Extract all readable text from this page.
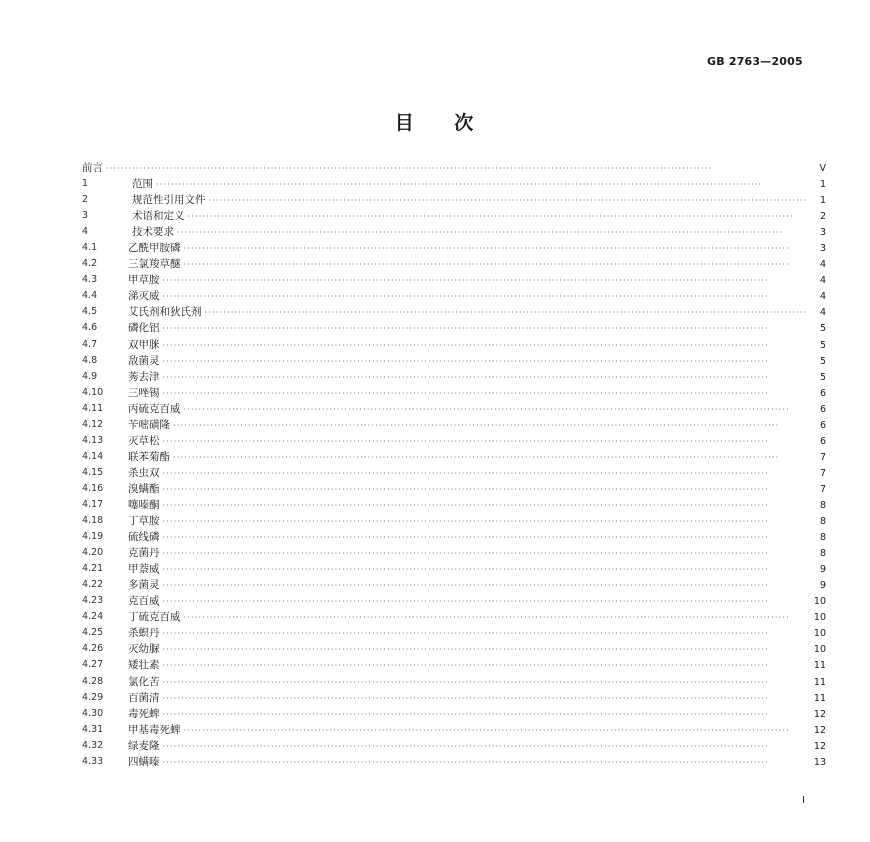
GB 2763—2005
目 次
前言 ·····	Ⅴ
1	范围 ·····	1
2	规范性引用文件 ·····	1
3	术语和定义 ·····	2
4	技术要求 ·····	3
4.1	乙酰甲胺磷 ·····	3
4.2	三氯羧草醚 ·····	4
4.3	甲草胺 ·····	4
4.4	涕灭威 ·····	4
4.5	艾氏剂和狄氏剂 ·····	4
4.6	磷化铝 ·····	5
4.7	双甲脒 ·····	5
4.8	敌菌灵 ·····	5
4.9	莠去津 ·····	5
4.10	三唑锡 ·····	6
4.11	丙硫克百威 ·····	6
4.12	苄嘧磺隆 ·····	6
4.13	灭草松 ·····	6
4.14	联苯菊酯 ·····	7
4.15	杀虫双 ·····	7
4.16	溴螨酯 ·····	7
4.17	噻嗪酮 ·····	8
4.18	丁草胺 ·····	8
4.19	硫线磷 ·····	8
4.20	克菌丹 ·····	8
4.21	甲萘威 ·····	9
4.22	多菌灵 ·····	9
4.23	克百威 ·····	10
4.24	丁硫克百威 ·····	10
4.25	杀螟丹 ·····	10
4.26	灭幼脲 ·····	10
4.27	矮壮素 ·····	11
4.28	氯化苦 ·····	11
4.29	百菌清 ·····	11
4.30	毒死蜱 ·····	12
4.31	甲基毒死蜱 ·····	12
4.32	绿麦隆 ·····	12
4.33	四螨嗪 ·····	13
I
